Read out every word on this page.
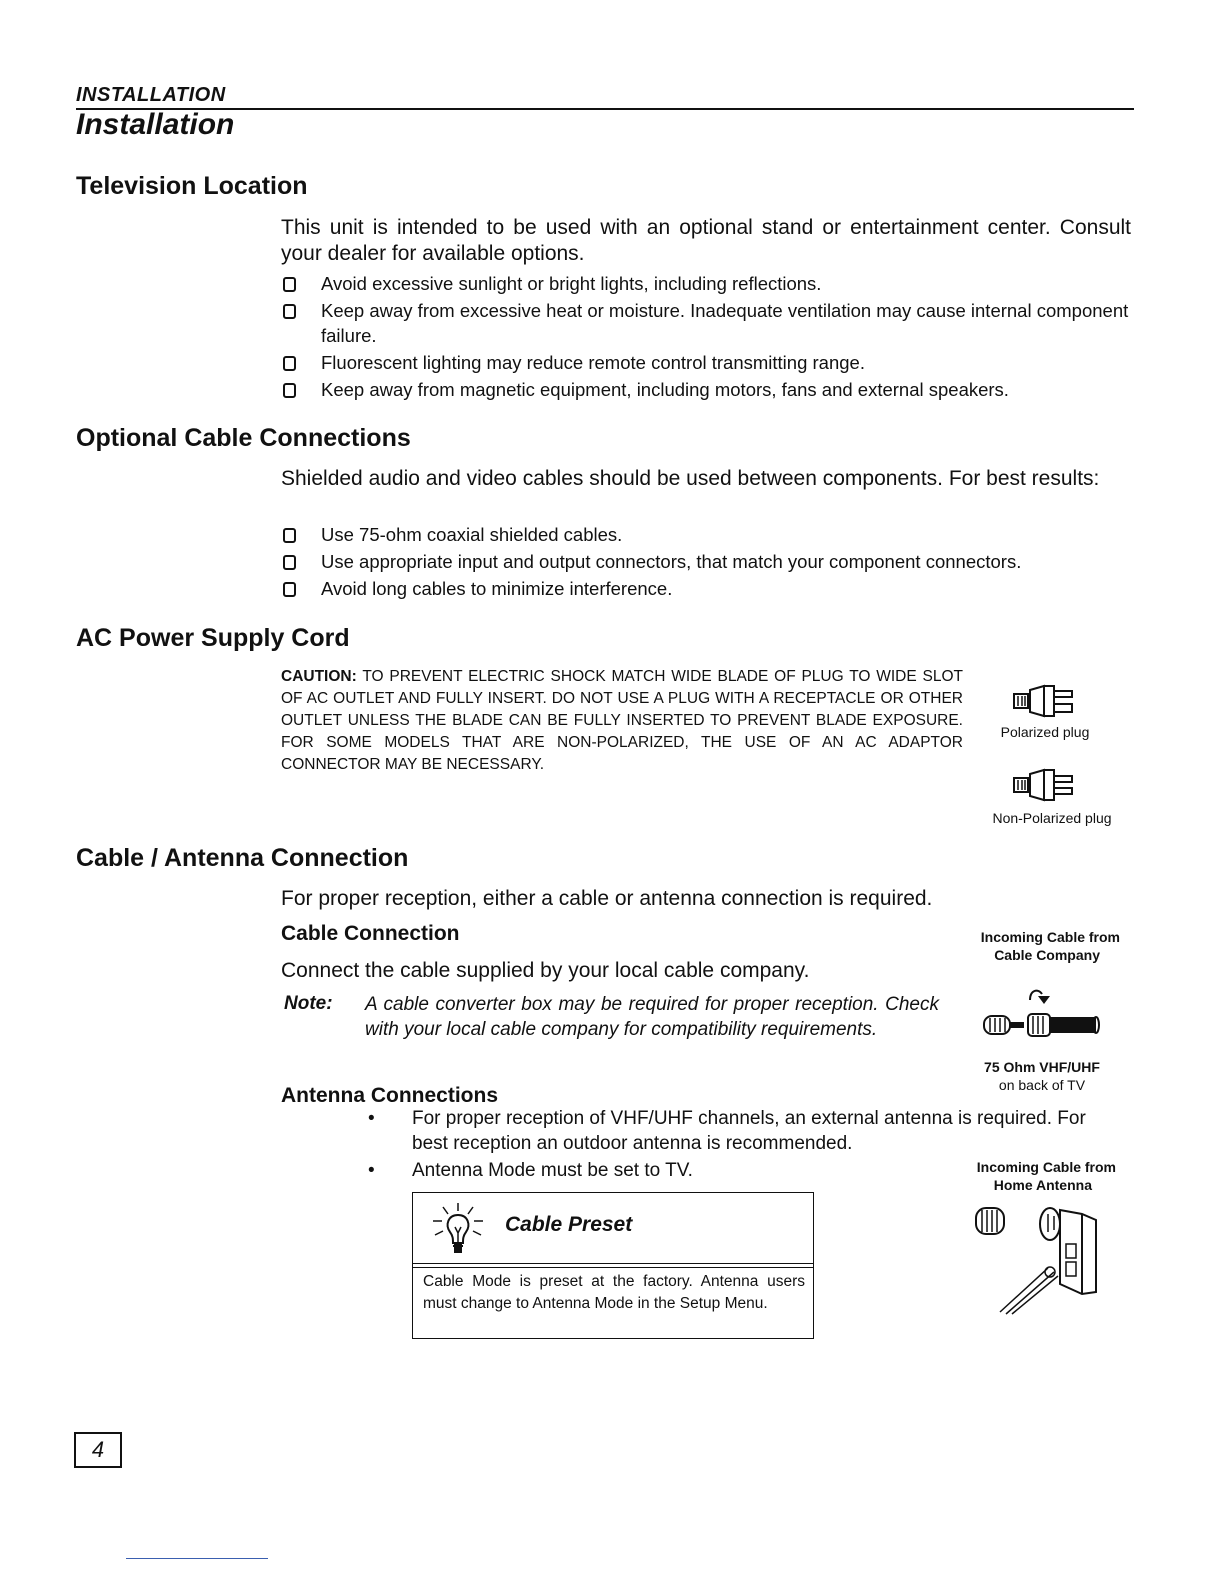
INSTALLATION
Installation
Television Location
This unit is intended to be used with an optional stand or entertainment center. Consult your dealer for available options.
Avoid excessive sunlight or bright lights, including reflections.
Keep away from excessive heat or moisture. Inadequate ventilation may cause internal component failure.
Fluorescent lighting may reduce remote control transmitting range.
Keep away from magnetic equipment, including motors, fans and external speakers.
Optional Cable Connections
Shielded audio and video cables should be used between components. For best results:
Use 75-ohm coaxial shielded cables.
Use appropriate input and output connectors, that match your component connectors.
Avoid long cables to minimize interference.
AC Power Supply Cord
CAUTION: TO PREVENT ELECTRIC SHOCK MATCH WIDE BLADE OF PLUG TO WIDE SLOT OF AC OUTLET AND FULLY INSERT. DO NOT USE A PLUG WITH A RECEPTACLE OR OTHER OUTLET UNLESS THE BLADE CAN BE FULLY INSERTED TO PREVENT BLADE EXPOSURE. FOR SOME MODELS THAT ARE NON-POLARIZED, THE USE OF AN AC ADAPTOR CONNECTOR MAY BE NECESSARY.
Polarized plug
Non-Polarized plug
Cable / Antenna Connection
For proper reception, either a cable or antenna connection is required.
Cable Connection
Connect the cable supplied by your local cable company.
Note: A cable converter box may be required for proper reception. Check with your local cable company for compatibility requirements.
Antenna Connections
• For proper reception of VHF/UHF channels, an external antenna is required. For best reception an outdoor antenna is recommended.
• Antenna Mode must be set to TV.
Incoming Cable from
Cable Company
75 Ohm VHF/UHF
on back of TV
Incoming Cable from
Home Antenna
Cable Preset
Cable Mode is preset at the factory. Antenna users must change to Antenna Mode in the Setup Menu.
4
